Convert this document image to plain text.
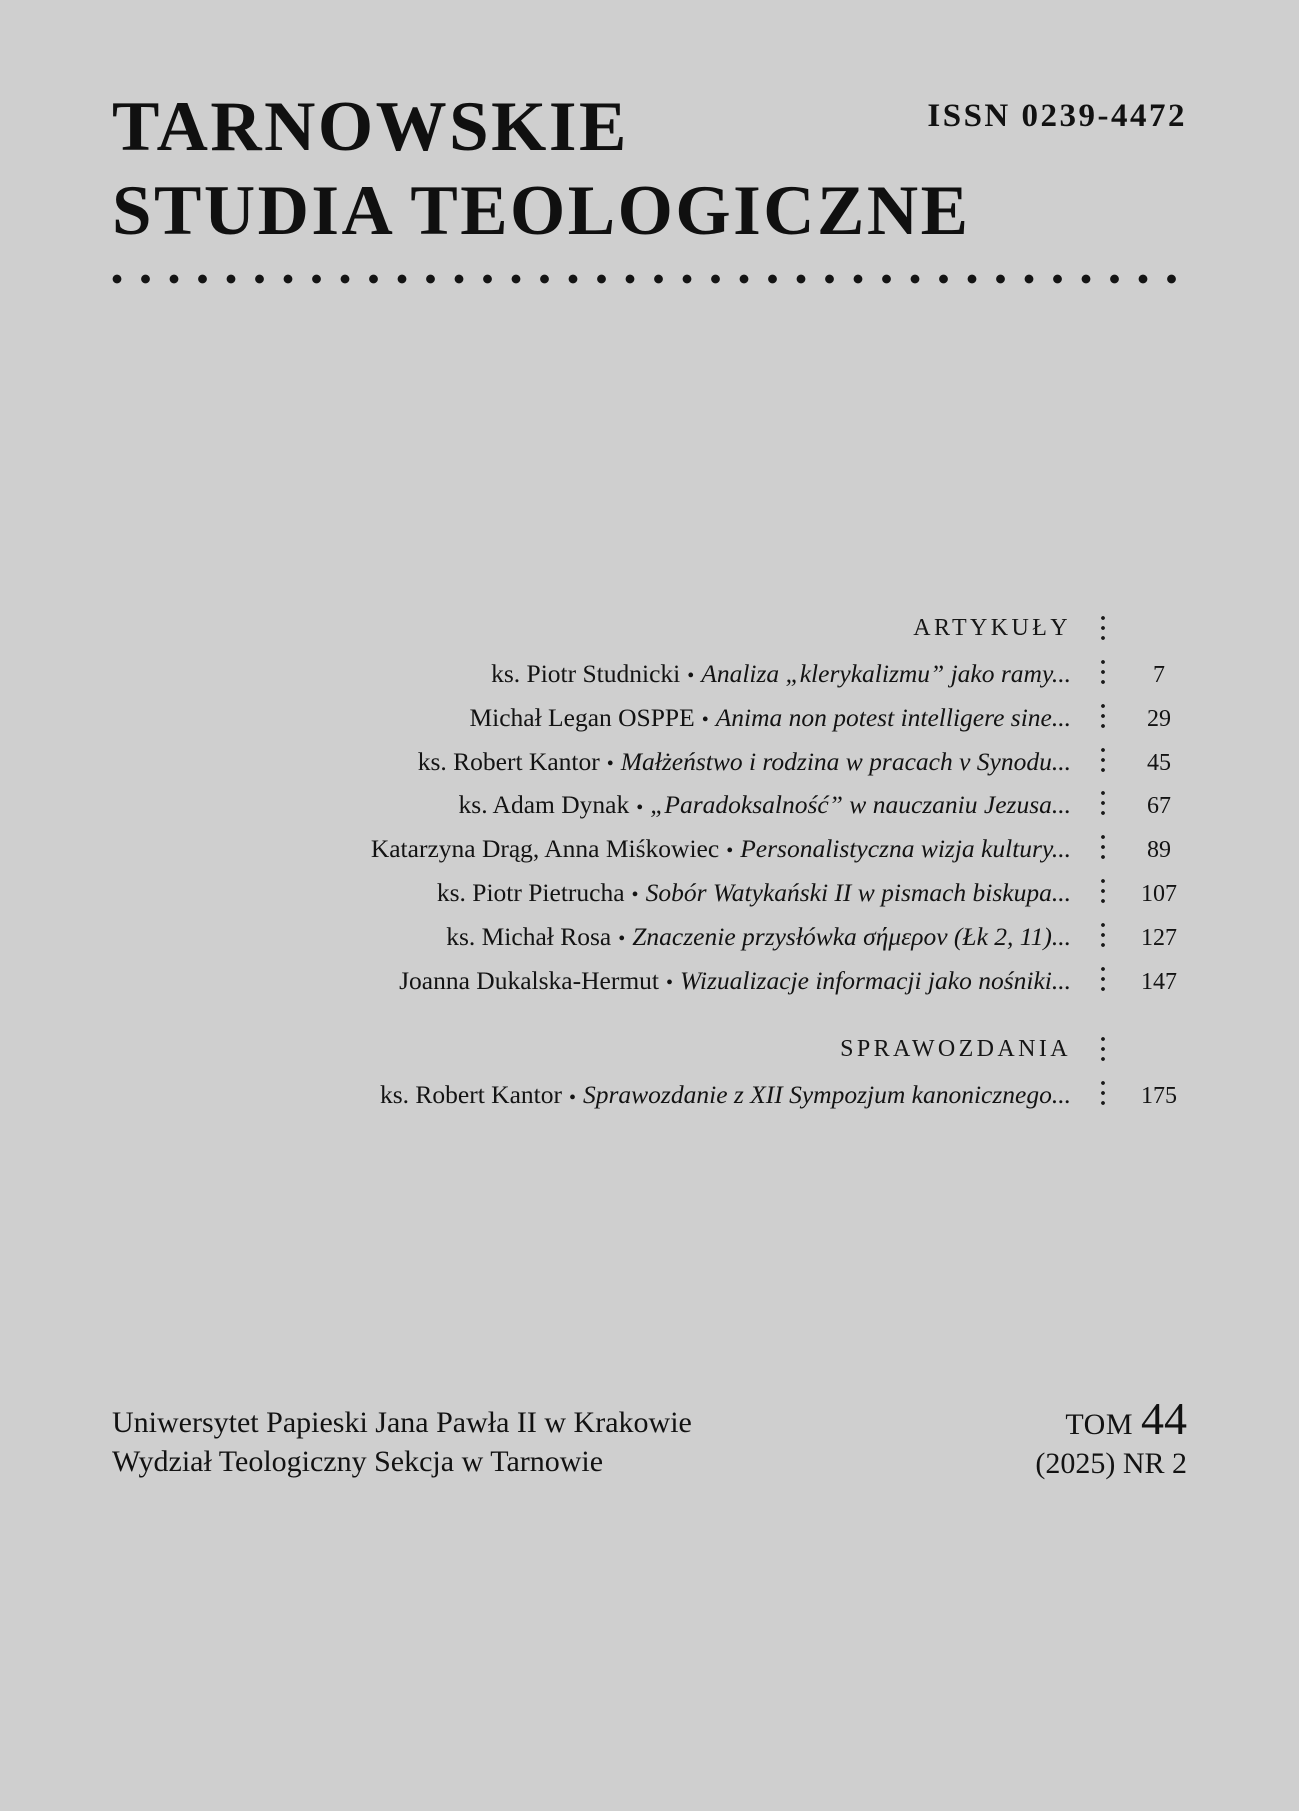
ISSN 0239-4472
TARNOWSKIE
STUDIA TEOLOGICZNE
ARTYKUŁY
ks. Piotr Studnicki • Analiza „klerykalizmu” jako ramy...	7
Michał Legan OSPPE • Anima non potest intelligere sine...	29
ks. Robert Kantor • Małżeństwo i rodzina w pracach v Synodu...	45
ks. Adam Dynak • „Paradoksalność” w nauczaniu Jezusa...	67
Katarzyna Drąg, Anna Miśkowiec • Personalistyczna wizja kultury...	89
ks. Piotr Pietrucha • Sobór Watykański II w pismach biskupa...	107
ks. Michał Rosa • Znaczenie przysłówka σήμερον (Łk 2, 11)...	127
Joanna Dukalska-Hermut • Wizualizacje informacji jako nośniki...	147
SPRAWOZDANIA
ks. Robert Kantor • Sprawozdanie z XII Sympozjum kanonicznego...	175
Uniwersytet Papieski Jana Pawła II w Krakowie
Wydział Teologiczny Sekcja w Tarnowie
TOM 44
(2025) NR 2
